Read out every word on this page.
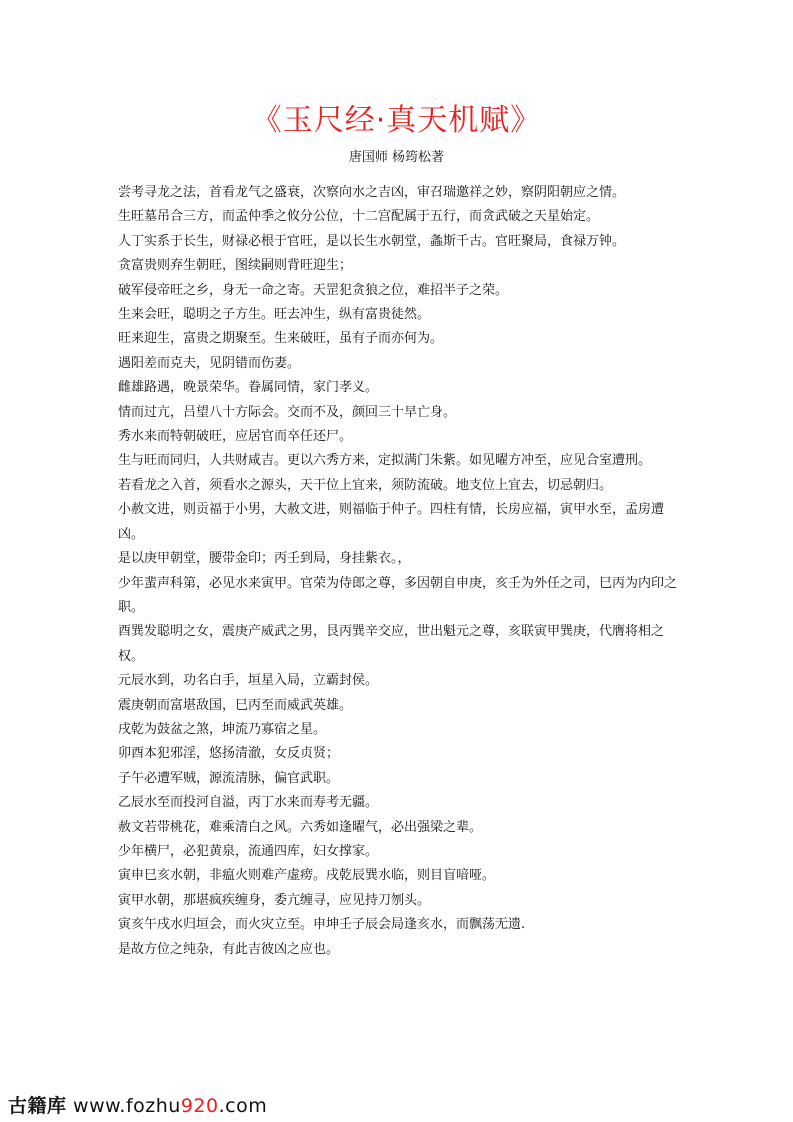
《玉尺经·真天机赋》
唐国师 杨筠松著

尝考寻龙之法，首看龙气之盛衰，次察向水之吉凶，审召瑞邀祥之妙，察阴阳朝应之情。

生旺墓吊合三方，而孟仲季之攸分公位，十二宫配属于五行，而贪武破之天星始定。

人丁实系于长生，财禄必根于官旺，是以长生水朝堂，螽斯千古。官旺聚局，食禄万钟。

贪富贵则弃生朝旺，图续嗣则背旺迎生；

破军侵帝旺之乡，身无一命之寄。天罡犯贪狼之位，难招半子之荣。

生来会旺，聪明之子方生。旺去冲生，纵有富贵徒然。

旺来迎生，富贵之期聚至。生来破旺，虽有子而亦何为。

遇阳差而克夫，见阴错而伤妻。

雌雄路遇，晚景荣华。眷属同情，家门孝义。

情而过亢，吕望八十方际会。交而不及，颜回三十早亡身。

秀水来而特朝破旺，应居官而卒任还尸。

生与旺而同归，人共财咸吉。更以六秀方来，定拟满门朱紫。如见曜方冲至，应见合室遭刑。

若看龙之入首，须看水之源头，天干位上宜来，须防流破。地支位上宜去，切忌朝归。

小赦文进，则贡福于小男，大赦文进，则福临于仲子。四柱有情，长房应福，寅甲水至，孟房遭凶。

是以庚甲朝堂，腰带金印；丙壬到局，身挂紫衣。，

少年蜚声科第，必见水来寅甲。官荣为侍郎之尊，多因朝自申庚，亥壬为外任之司，巳丙为内印之职。

酉巽发聪明之女，震庚产威武之男，艮丙巽辛交应，世出魁元之尊，亥联寅甲巽庚，代膺将相之权。

元辰水到，功名白手，垣星入局，立霸封侯。

震庚朝而富堪敌国，巳丙至而威武英雄。

戌乾为鼓盆之煞，坤流乃寡宿之星。

卯酉本犯邪淫，悠扬清澈，女反贞贤；

子午必遭军贼，源流清脉，偏官武职。

乙辰水至而投河自溢，丙丁水来而寿考无疆。

赦文若带桃花，难乘清白之风。六秀如逢曜气，必出强梁之辈。

少年横尸，必犯黄泉，流通四库，妇女撑家。

寅申巳亥水朝，非瘟火则难产虚痨。戌乾辰巽水临，则目盲喑哑。

寅甲水朝，那堪疯疾缠身，委亢缠寻，应见持刀刎头。

寅亥午戌水归垣会，而火灾立至。申坤壬子辰会局逢亥水，而飘荡无遗.

是故方位之纯杂，有此吉彼凶之应也。

古籍库 www.fozhu920.com
